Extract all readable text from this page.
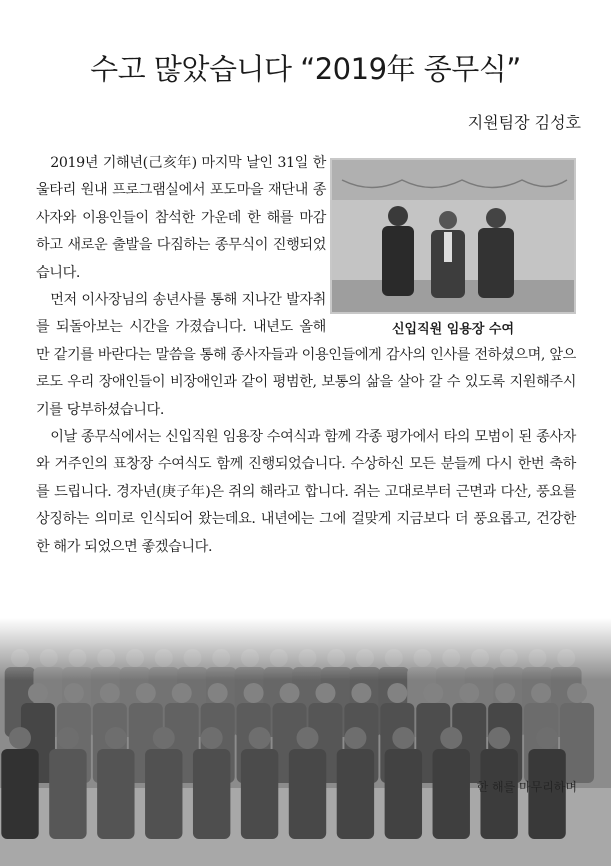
수고 많았습니다 “2019年 종무식”
지원팀장 김성호
신입직원 임용장 수여

2019년 기해년(己亥年) 마지막 날인 31일 한울타리 원내 프로그램실에서 포도마을 재단내 종사자와 이용인들이 참석한 가운데 한 해를 마감하고 새로운 출발을 다짐하는 종무식이 진행되었습니다.

먼저 이사장님의 송년사를 통해 지나간 발자취를 되돌아보는 시간을 가졌습니다. 내년도 올해만 같기를 바란다는 말씀을 통해 종사자들과 이용인들에게 감사의 인사를 전하셨으며, 앞으로도 우리 장애인들이 비장애인과 같이 평범한, 보통의 삶을 살아 갈 수 있도록 지원해주시기를 당부하셨습니다.

이날 종무식에서는 신입직원 임용장 수여식과 함께 각종 평가에서 타의 모범이 된 종사자와 거주인의 표창장 수여식도 함께 진행되었습니다. 수상하신 모든 분들께 다시 한번 축하를 드립니다. 경자년(庚子年)은 쥐의 해라고 합니다. 쥐는 고대로부터 근면과 다산, 풍요를 상징하는 의미로 인식되어 왔는데요. 내년에는 그에 걸맞게 지금보다 더 풍요롭고, 건강한 한 해가 되었으면 좋겠습니다.

한 해를 마무리하며
